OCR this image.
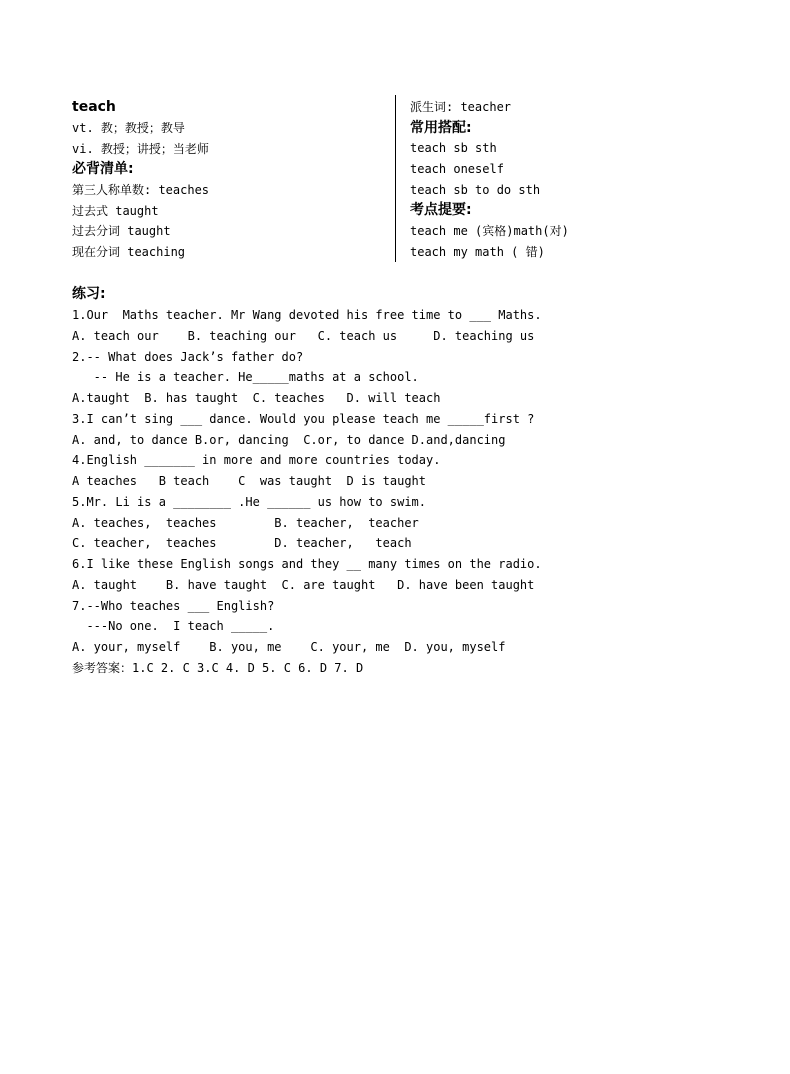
teach
vt. 教；教授；教导
vi. 教授；讲授；当老师
必背清单:
第三人称单数: teaches
过去式 taught
过去分词 taught
现在分词 teaching
派生词: teacher
常用搭配:
teach sb sth
teach oneself
teach sb to do sth
考点提要:
teach me (宾格)math(对)
teach my math ( 错)
练习:
1.Our  Maths teacher. Mr Wang devoted his free time to ___ Maths.
A. teach our    B. teaching our   C. teach us     D. teaching us
2.-- What does Jack’s father do?
-- He is a teacher. He_____maths at a school.
A.taught  B. has taught  C. teaches   D. will teach
3.I can’t sing ___ dance. Would you please teach me _____first ?
A. and, to dance B.or, dancing  C.or, to dance D.and,dancing
4.English _______ in more and more countries today.
A teaches   B teach    C  was taught  D is taught
5.Mr. Li is a ________ .He ______ us how to swim.
A. teaches,  teaches        B. teacher,  teacher
C. teacher,  teaches        D. teacher,   teach
6.I like these English songs and they __ many times on the radio.
A. taught    B. have taught  C. are taught   D. have been taught
7.--Who teaches ___ English?
---No one.  I teach _____.
A. your, myself    B. you, me    C. your, me  D. you, myself
参考答案：1.C 2. C 3.C 4. D 5. C 6. D 7. D
